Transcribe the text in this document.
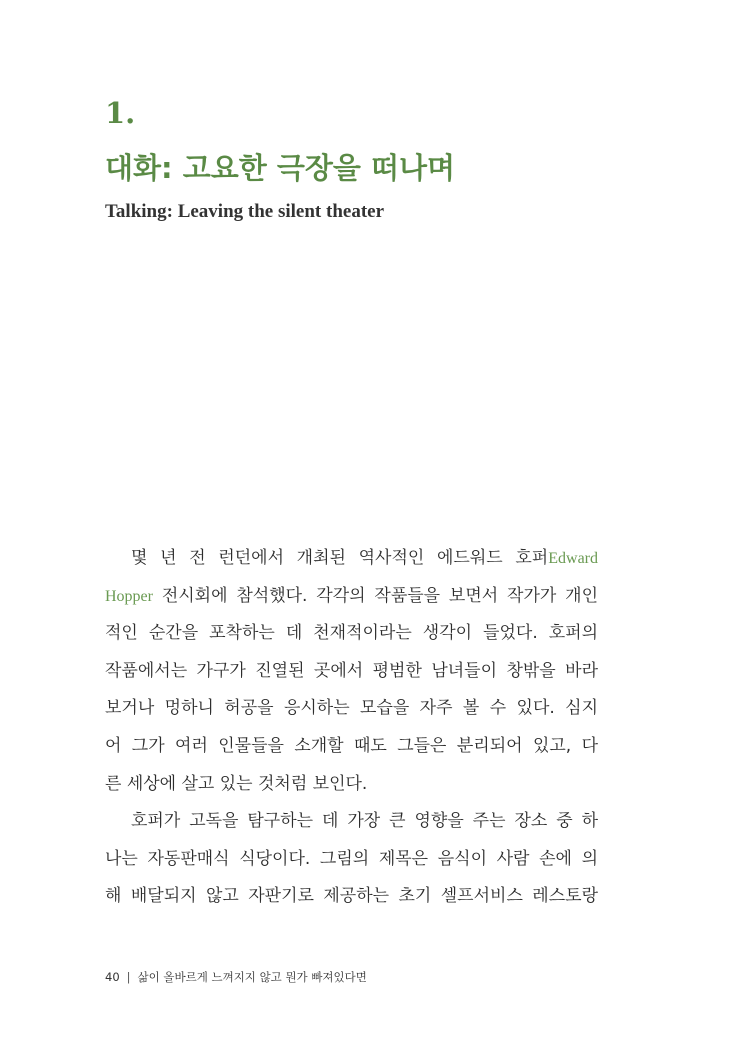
1.
대화: 고요한 극장을 떠나며
Talking: Leaving the silent theater
몇 년 전 런던에서 개최된 역사적인 에드워드 호퍼Edward
Hopper 전시회에 참석했다. 각각의 작품들을 보면서 작가가 개인
적인 순간을 포착하는 데 천재적이라는 생각이 들었다. 호퍼의
작품에서는 가구가 진열된 곳에서 평범한 남녀들이 창밖을 바라
보거나 멍하니 허공을 응시하는 모습을 자주 볼 수 있다. 심지
어 그가 여러 인물들을 소개할 때도 그들은 분리되어 있고, 다
른 세상에 살고 있는 것처럼 보인다.
호퍼가 고독을 탐구하는 데 가장 큰 영향을 주는 장소 중 하
나는 자동판매식 식당이다. 그림의 제목은 음식이 사람 손에 의
해 배달되지 않고 자판기로 제공하는 초기 셀프서비스 레스토랑
40 | 삶이 올바르게 느껴지지 않고 뭔가 빠져있다면
